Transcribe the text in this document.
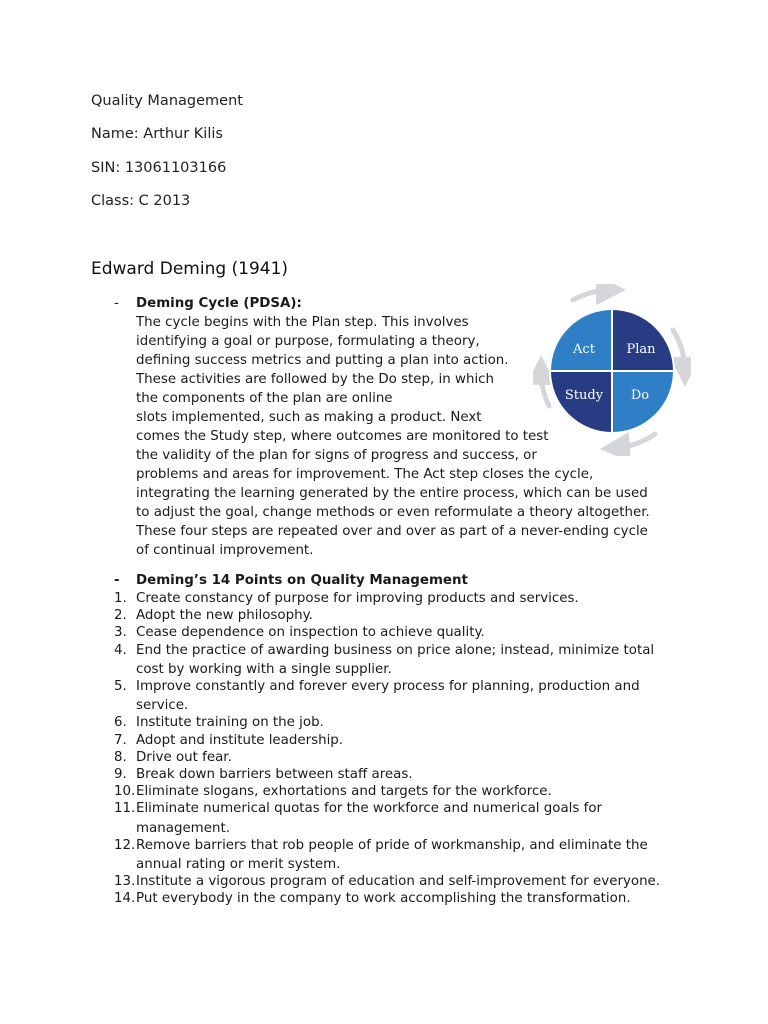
Quality Management
Name: Arthur Kilis
SIN: 13061103166
Class: C 2013
Edward Deming (1941)
- Deming Cycle (PDSA):
The cycle begins with the Plan step. This involves
identifying a goal or purpose, formulating a theory,
defining success metrics and putting a plan into action.
These activities are followed by the Do step, in which
the components of the plan are online
slots implemented, such as making a product. Next
comes the Study step, where outcomes are monitored to test
the validity of the plan for signs of progress and success, or
problems and areas for improvement. The Act step closes the cycle,
integrating the learning generated by the entire process, which can be used
to adjust the goal, change methods or even reformulate a theory altogether.
These four steps are repeated over and over as part of a never-ending cycle
of continual improvement.
Act Plan
Study Do
- Deming’s 14 Points on Quality Management
1. Create constancy of purpose for improving products and services.
2. Adopt the new philosophy.
3. Cease dependence on inspection to achieve quality.
4. End the practice of awarding business on price alone; instead, minimize total
cost by working with a single supplier.
5. Improve constantly and forever every process for planning, production and
service.
6. Institute training on the job.
7. Adopt and institute leadership.
8. Drive out fear.
9. Break down barriers between staff areas.
10. Eliminate slogans, exhortations and targets for the workforce.
11. Eliminate numerical quotas for the workforce and numerical goals for
management.
12. Remove barriers that rob people of pride of workmanship, and eliminate the
annual rating or merit system.
13. Institute a vigorous program of education and self-improvement for everyone.
14. Put everybody in the company to work accomplishing the transformation.
